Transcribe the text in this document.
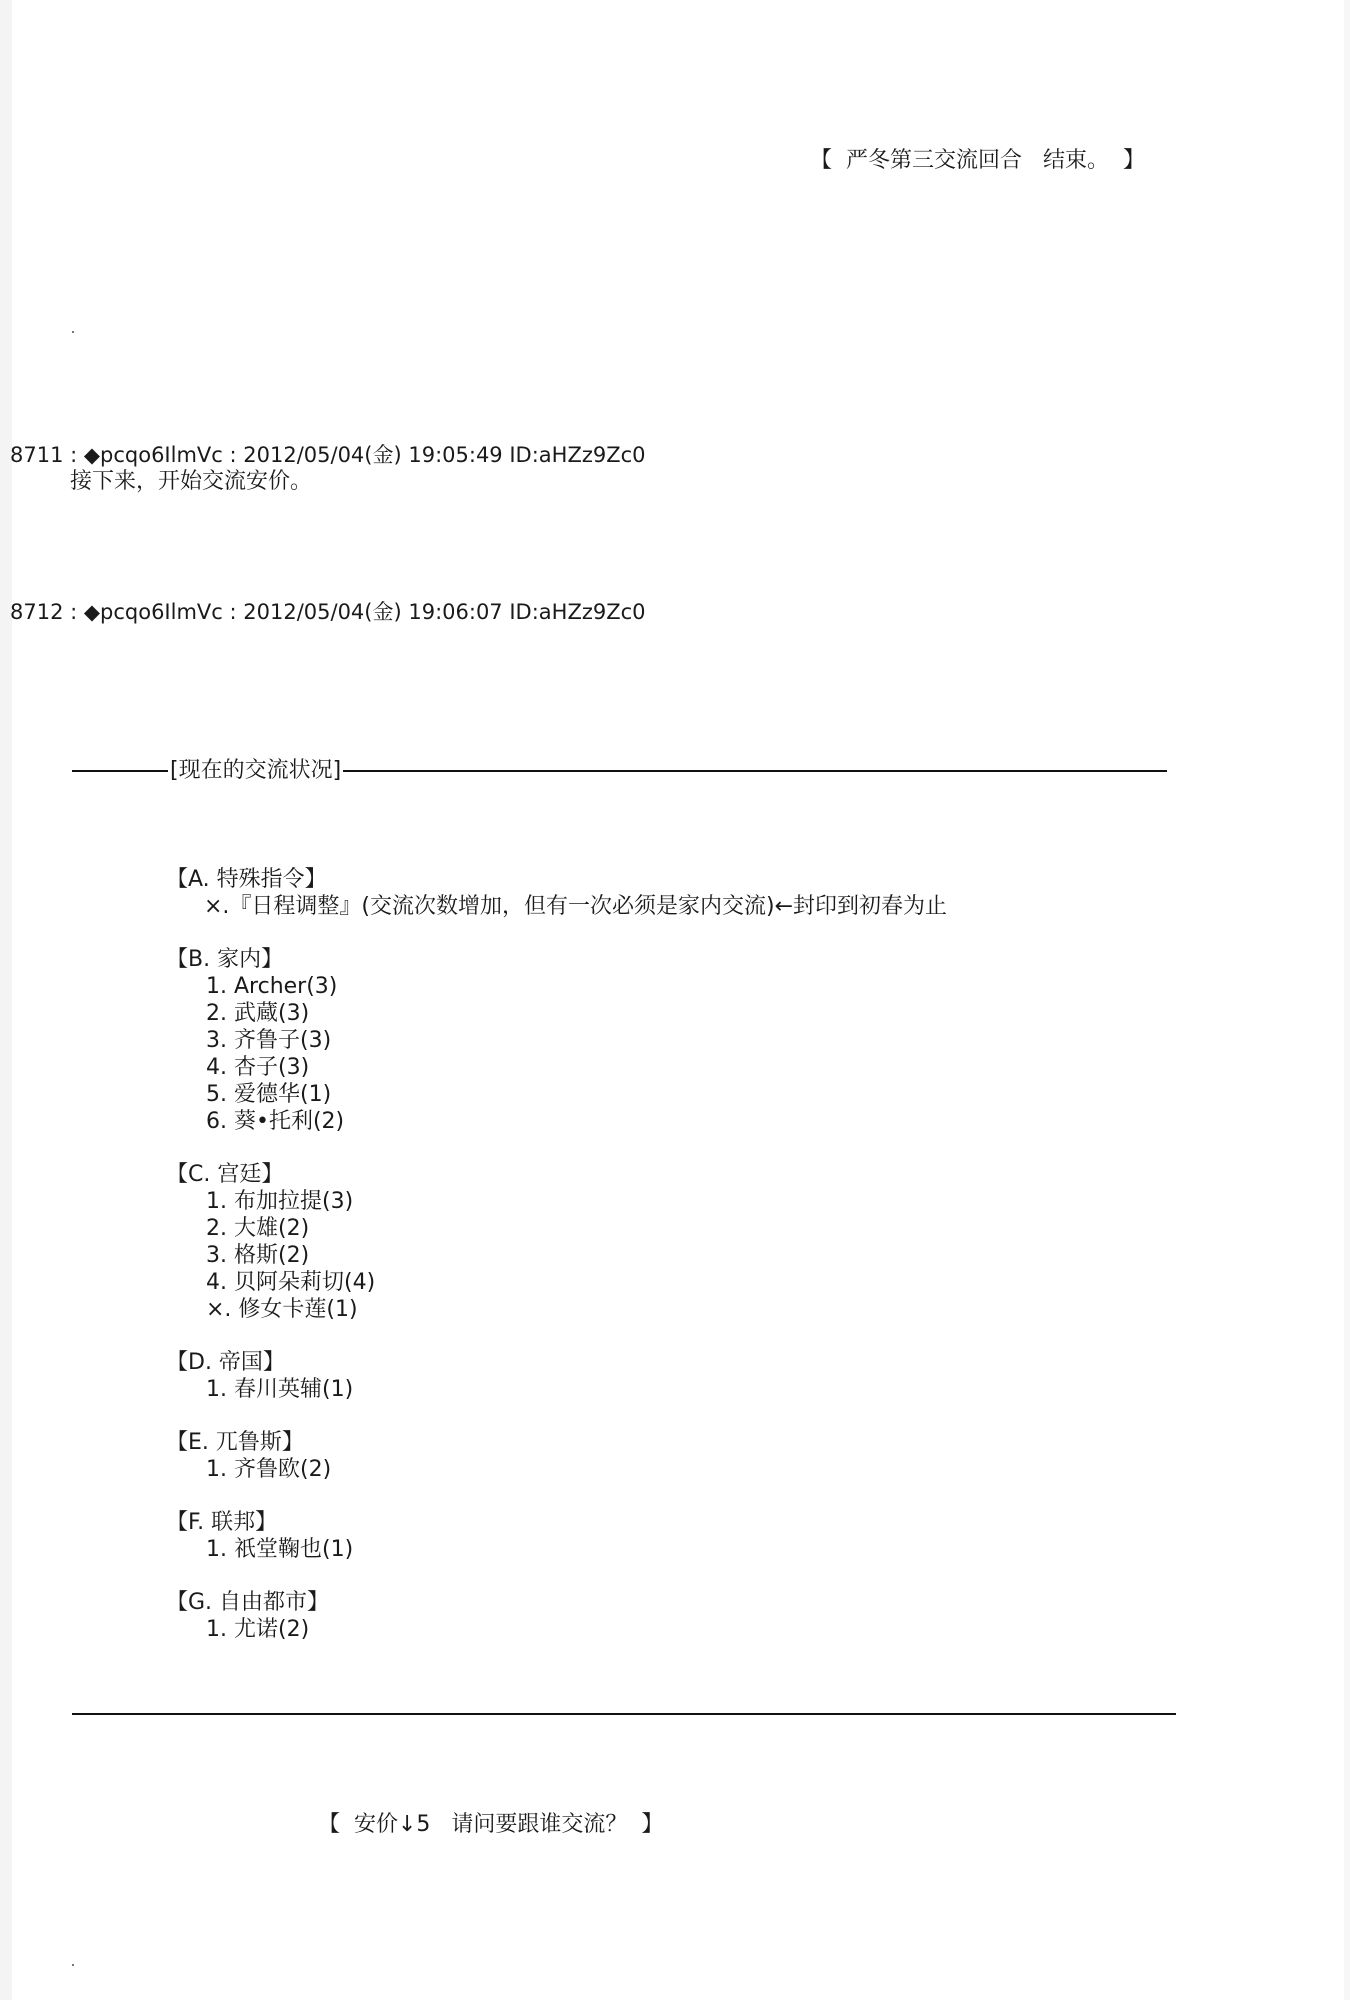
【  严冬第三交流回合   结束。  】
8711 : ◆pcqo6IlmVc : 2012/05/04(金) 19:05:49 ID:aHZz9Zc0
接下来，开始交流安价。
8712 : ◆pcqo6IlmVc : 2012/05/04(金) 19:06:07 ID:aHZz9Zc0
[现在的交流状况]
【A. 特殊指令】
×.『日程调整』(交流次数增加，但有一次必须是家内交流)←封印到初春为止
【B. 家内】
1. Archer(3)
2. 武蔵(3)
3. 齐鲁子(3)
4. 杏子(3)
5. 爱德华(1)
6. 葵•托利(2)
【C. 宫廷】
1. 布加拉提(3)
2. 大雄(2)
3. 格斯(2)
4. 贝阿朵莉切(4)
×. 修女卡莲(1)
【D. 帝国】
1. 春川英辅(1)
【E. 兀鲁斯】
1. 齐鲁欧(2)
【F. 联邦】
1. 祇堂鞠也(1)
【G. 自由都市】
1. 尤诺(2)
【  安价↓5   请问要跟谁交流？  】
